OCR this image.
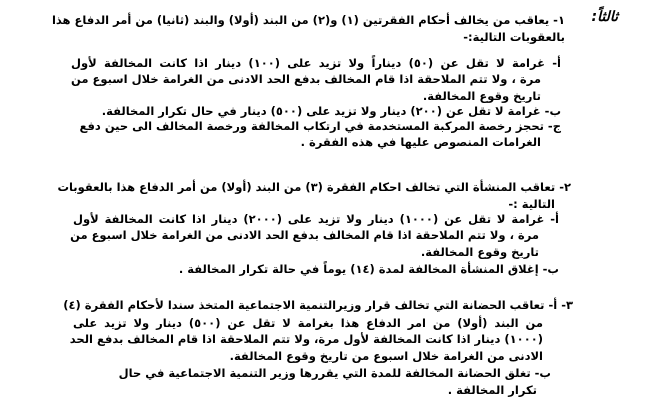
ثالثاً:
۱- يعاقب من يخالف أحكام الفقرتين (۱) و(۲) من البند (أولا) والبند (ثانيا) من أمر الدفاع هذا
بالعقوبات التالية:-
أ- غرامة لا تقل عن (٥٠) ديناراً ولا تزيد على (۱۰۰) دينار اذا كانت المخالفة لأول
مرة ، ولا تتم الملاحقة اذا قام المخالف بدفع الحد الادنى من الغرامة خلال اسبوع من
تاريخ وقوع المخالفة.
ب- غرامة لا تقل عن (۲۰۰) دينار ولا تزيد على (٥۰۰) دينار في حال تكرار المخالفة.
ج- تحجز رخصة المركبة المستخدمة في ارتكاب المخالفة ورخصة المخالف الى حين دفع
الغرامات المنصوص عليها في هذه الفقرة .
۲- تعاقب المنشأة التي تخالف احكام الفقرة (۳) من البند (أولا) من أمر الدفاع هذا بالعقوبات
التالية :-
أ- غرامة لا تقل عن (۱۰۰۰) دينار ولا تزيد على (۲۰۰۰) دينار اذا كانت المخالفة لأول
مرة ، ولا تتم الملاحقة اذا قام المخالف بدفع الحد الادنى من الغرامة خلال اسبوع من
تاريخ وقوع المخالفة.
ب- إغلاق المنشأة المخالفة لمدة (١٤) يوماً في حالة تكرار المخالفة .
۳- أ- تعاقب الحضانة التي تخالف قرار وزيرالتنمية الاجتماعية المتخذ سندا لأحكام الفقرة (٤)
من البند (أولا) من امر الدفاع هذا بغرامة لا تقل عن (٥۰۰) دينار ولا تزيد على
(۱۰۰۰) دينار اذا كانت المخالفة لأول مرة، ولا تتم الملاحقة اذا قام المخالف بدفع الحد
الادنى من الغرامة خلال اسبوع من تاريخ وقوع المخالفة.
ب- تغلق الحضانة المخالفة للمدة التي يقررها وزير التنمية الاجتماعية في حال
تكرار المخالفة .
